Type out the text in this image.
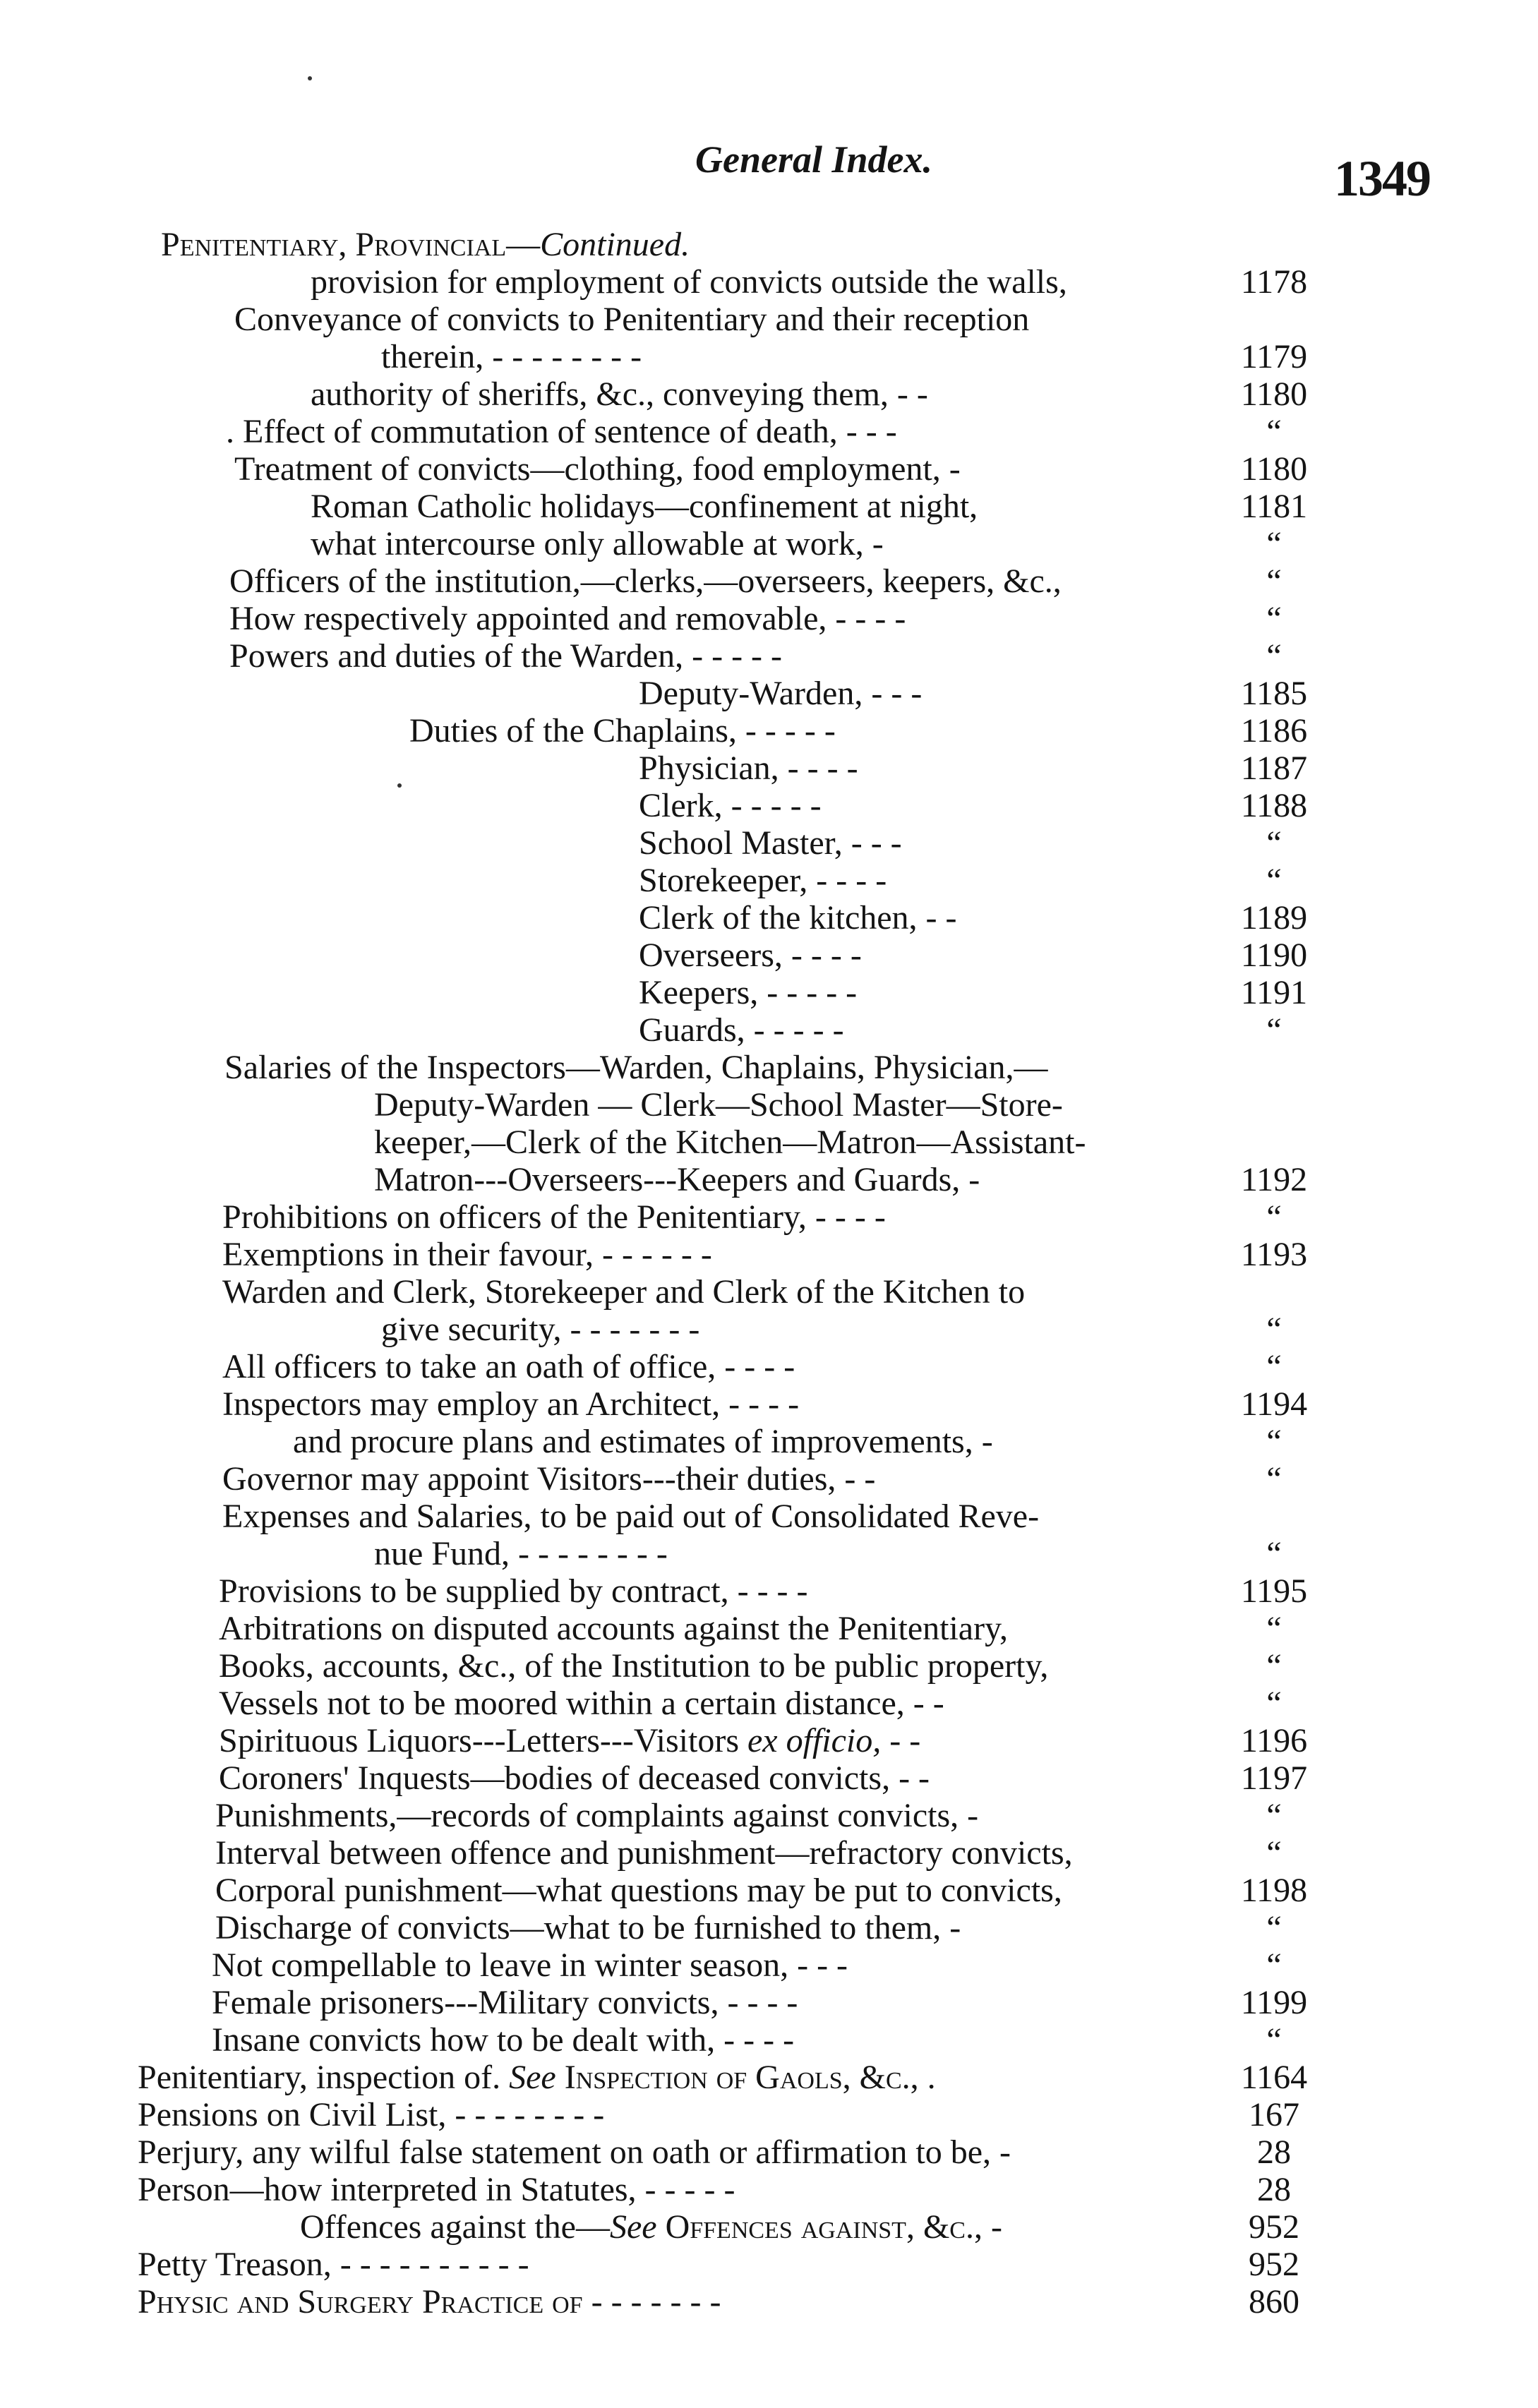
General Index.	1349
Penitentiary, Provincial—Continued.
provision for employment of convicts outside the walls,	1178
Conveyance of convicts to Penitentiary and their reception
therein, - - - - - - - -	1179
authority of sheriffs, &c., conveying them, - -	1180
. Effect of commutation of sentence of death, - - -	“
Treatment of convicts—clothing, food employment, -	1180
Roman Catholic holidays—confinement at night,	1181
what intercourse only allowable at work, -	“
Officers of the institution,—clerks,—overseers, keepers, &c.,	“
How respectively appointed and removable, - - - -	“
Powers and duties of the Warden, - - - - -	“
Deputy-Warden, - - -	1185
Duties of the Chaplains, - - - - -	1186
Physician, - - - -	1187
Clerk, - - - - -	1188
School Master, - - -	“
Storekeeper, - - - -	“
Clerk of the kitchen, - -	1189
Overseers, - - - -	1190
Keepers, - - - - -	1191
Guards, - - - - -	“
Salaries of the Inspectors—Warden, Chaplains, Physician,—
Deputy-Warden — Clerk—School Master—Store-
keeper,—Clerk of the Kitchen—Matron—Assistant-
Matron---Overseers---Keepers and Guards, -	1192
Prohibitions on officers of the Penitentiary, - - - -	“
Exemptions in their favour, - - - - - -	1193
Warden and Clerk, Storekeeper and Clerk of the Kitchen to
give security, - - - - - - -	“
All officers to take an oath of office, - - - -	“
Inspectors may employ an Architect, - - - -	1194
and procure plans and estimates of improvements, -	“
Governor may appoint Visitors---their duties, - -	“
Expenses and Salaries, to be paid out of Consolidated Reve-
nue Fund, - - - - - - - -	“
Provisions to be supplied by contract, - - - -	1195
Arbitrations on disputed accounts against the Penitentiary,	“
Books, accounts, &c., of the Institution to be public property,	“
Vessels not to be moored within a certain distance, - -	“
Spirituous Liquors---Letters---Visitors ex officio, - -	1196
Coroners' Inquests—bodies of deceased convicts, - -	1197
Punishments,—records of complaints against convicts, -	“
Interval between offence and punishment—refractory convicts,	“
Corporal punishment—what questions may be put to convicts,	1198
Discharge of convicts—what to be furnished to them, -	“
Not compellable to leave in winter season, - - -	“
Female prisoners---Military convicts, - - - -	1199
Insane convicts how to be dealt with, - - - -	“
Penitentiary, inspection of. See Inspection of Gaols, &c., .	1164
Pensions on Civil List, - - - - - - - -	167
Perjury, any wilful false statement on oath or affirmation to be, -	28
Person—how interpreted in Statutes, - - - - -	28
Offences against the—See Offences against, &c., -	952
Petty Treason, - - - - - - - - - -	952
Physic and Surgery Practice of - - - - - - -	860
